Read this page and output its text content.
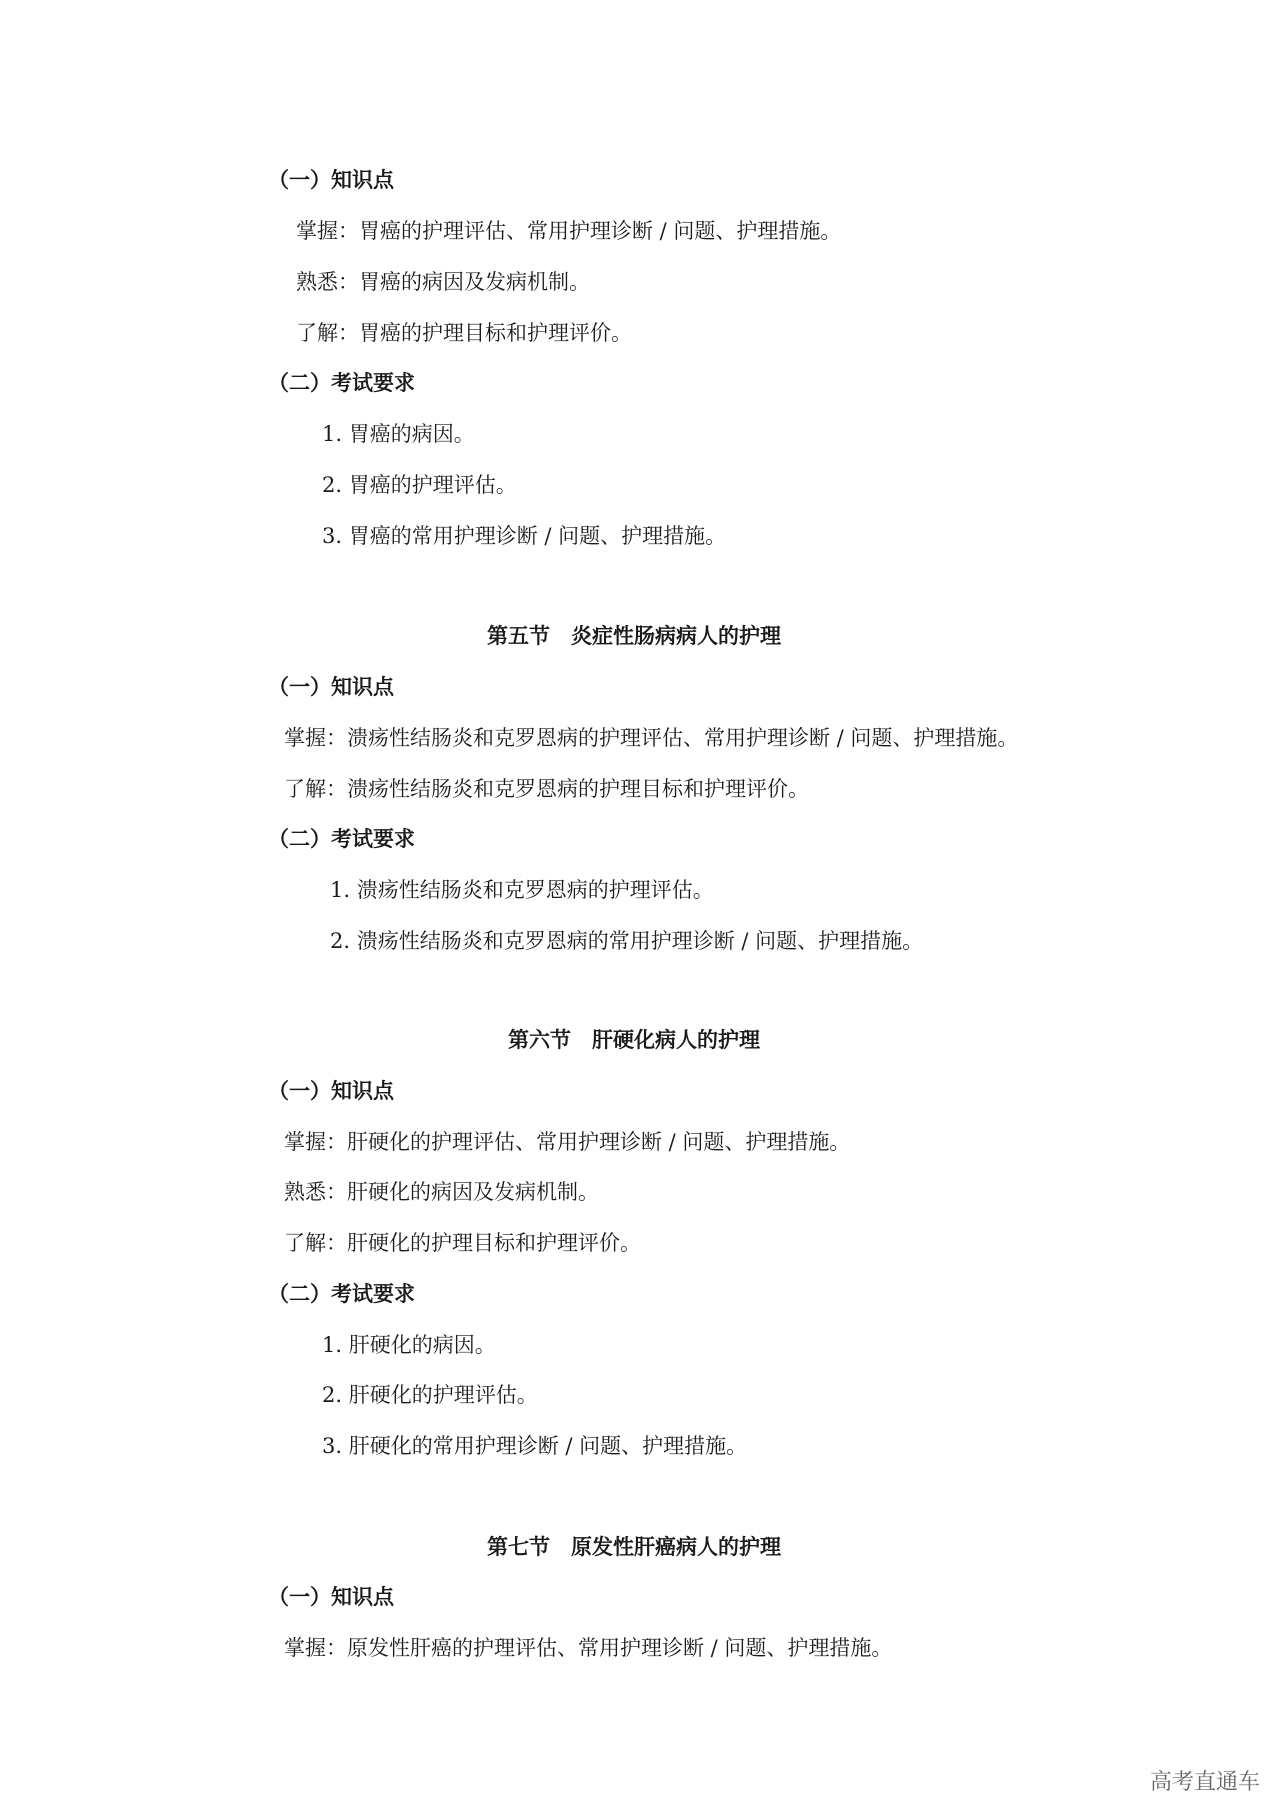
（一）知识点
掌握：胃癌的护理评估、常用护理诊断 / 问题、护理措施。
熟悉：胃癌的病因及发病机制。
了解：胃癌的护理目标和护理评价。
（二）考试要求
1. 胃癌的病因。
2. 胃癌的护理评估。
3. 胃癌的常用护理诊断 / 问题、护理措施。
第五节　炎症性肠病病人的护理
（一）知识点
掌握：溃疡性结肠炎和克罗恩病的护理评估、常用护理诊断 / 问题、护理措施。
了解：溃疡性结肠炎和克罗恩病的护理目标和护理评价。
（二）考试要求
1. 溃疡性结肠炎和克罗恩病的护理评估。
2. 溃疡性结肠炎和克罗恩病的常用护理诊断 / 问题、护理措施。
第六节　肝硬化病人的护理
（一）知识点
掌握：肝硬化的护理评估、常用护理诊断 / 问题、护理措施。
熟悉：肝硬化的病因及发病机制。
了解：肝硬化的护理目标和护理评价。
（二）考试要求
1. 肝硬化的病因。
2. 肝硬化的护理评估。
3. 肝硬化的常用护理诊断 / 问题、护理措施。
第七节　原发性肝癌病人的护理
（一）知识点
掌握：原发性肝癌的护理评估、常用护理诊断 / 问题、护理措施。
高考直通车
